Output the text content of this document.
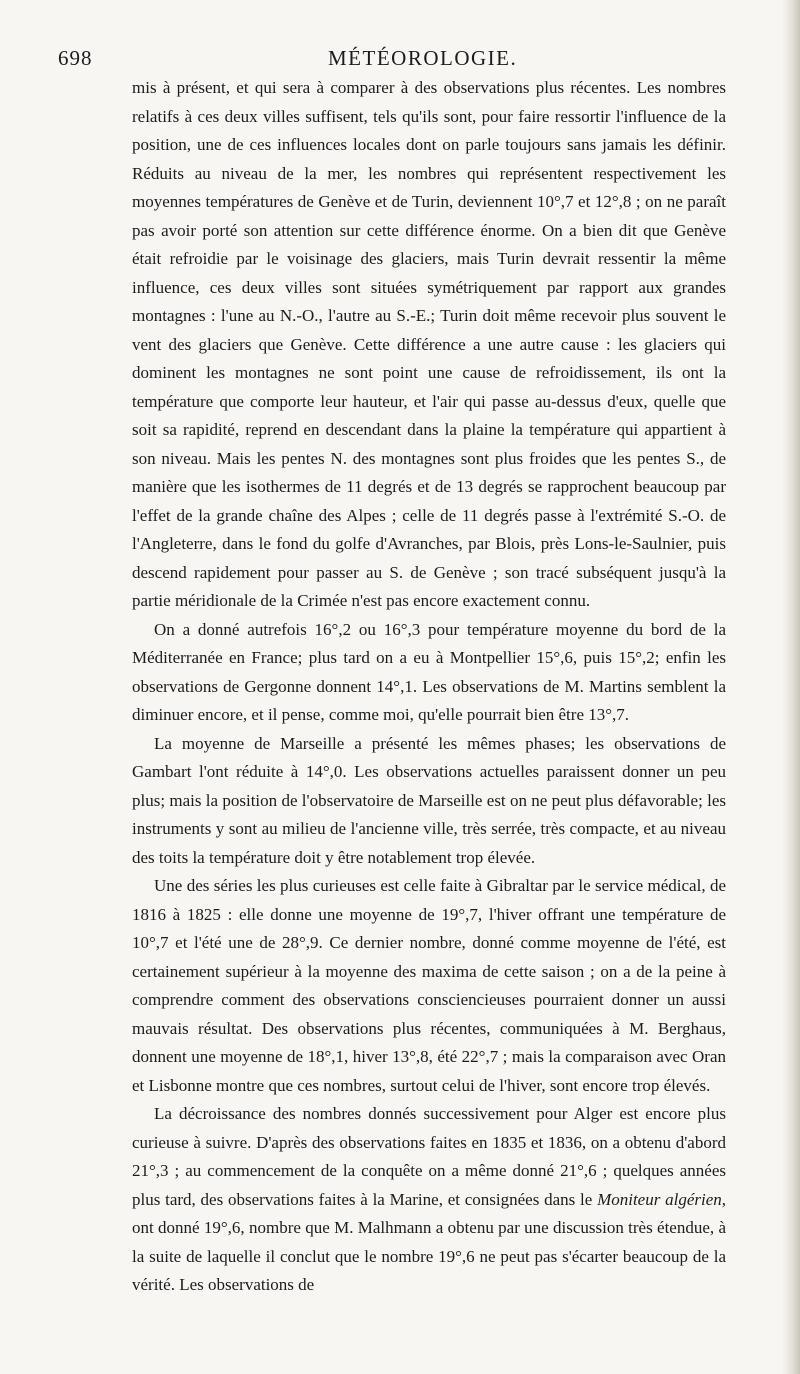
698	MÉTÉOROLOGIE.

mis à présent, et qui sera à comparer à des observations plus récentes. Les nombres relatifs à ces deux villes suffisent, tels qu'ils sont, pour faire ressortir l'influence de la position, une de ces influences locales dont on parle toujours sans jamais les définir. Réduits au niveau de la mer, les nombres qui représentent respectivement les moyennes températures de Genève et de Turin, deviennent 10°,7 et 12°,8 ; on ne paraît pas avoir porté son attention sur cette différence énorme. On a bien dit que Genève était refroidie par le voisinage des glaciers, mais Turin devrait ressentir la même influence, ces deux villes sont situées symétriquement par rapport aux grandes montagnes : l'une au N.-O., l'autre au S.-E.; Turin doit même recevoir plus souvent le vent des glaciers que Genève. Cette différence a une autre cause : les glaciers qui dominent les montagnes ne sont point une cause de refroidissement, ils ont la température que comporte leur hauteur, et l'air qui passe au-dessus d'eux, quelle que soit sa rapidité, reprend en descendant dans la plaine la température qui appartient à son niveau. Mais les pentes N. des montagnes sont plus froides que les pentes S., de manière que les isothermes de 11 degrés et de 13 degrés se rapprochent beaucoup par l'effet de la grande chaîne des Alpes ; celle de 11 degrés passe à l'extrémité S.-O. de l'Angleterre, dans le fond du golfe d'Avranches, par Blois, près Lons-le-Saulnier, puis descend rapidement pour passer au S. de Genève ; son tracé subséquent jusqu'à la partie méridionale de la Crimée n'est pas encore exactement connu.

On a donné autrefois 16°,2 ou 16°,3 pour température moyenne du bord de la Méditerranée en France; plus tard on a eu à Montpellier 15°,6, puis 15°,2; enfin les observations de Gergonne donnent 14°,1. Les observations de M. Martins semblent la diminuer encore, et il pense, comme moi, qu'elle pourrait bien être 13°,7.

La moyenne de Marseille a présenté les mêmes phases; les observations de Gambart l'ont réduite à 14°,0. Les observations actuelles paraissent donner un peu plus; mais la position de l'observatoire de Marseille est on ne peut plus défavorable; les instruments y sont au milieu de l'ancienne ville, très serrée, très compacte, et au niveau des toits la température doit y être notablement trop élevée.

Une des séries les plus curieuses est celle faite à Gibraltar par le service médical, de 1816 à 1825 : elle donne une moyenne de 19°,7, l'hiver offrant une température de 10°,7 et l'été une de 28°,9. Ce dernier nombre, donné comme moyenne de l'été, est certainement supérieur à la moyenne des maxima de cette saison ; on a de la peine à comprendre comment des observations consciencieuses pourraient donner un aussi mauvais résultat. Des observations plus récentes, communiquées à M. Berghaus, donnent une moyenne de 18°,1, hiver 13°,8, été 22°,7 ; mais la comparaison avec Oran et Lisbonne montre que ces nombres, surtout celui de l'hiver, sont encore trop élevés.

La décroissance des nombres donnés successivement pour Alger est encore plus curieuse à suivre. D'après des observations faites en 1835 et 1836, on a obtenu d'abord 21°,3 ; au commencement de la conquête on a même donné 21°,6 ; quelques années plus tard, des observations faites à la Marine, et consignées dans le Moniteur algérien, ont donné 19°,6, nombre que M. Malhmann a obtenu par une discussion très étendue, à la suite de laquelle il conclut que le nombre 19°,6 ne peut pas s'écarter beaucoup de la vérité. Les observations de
